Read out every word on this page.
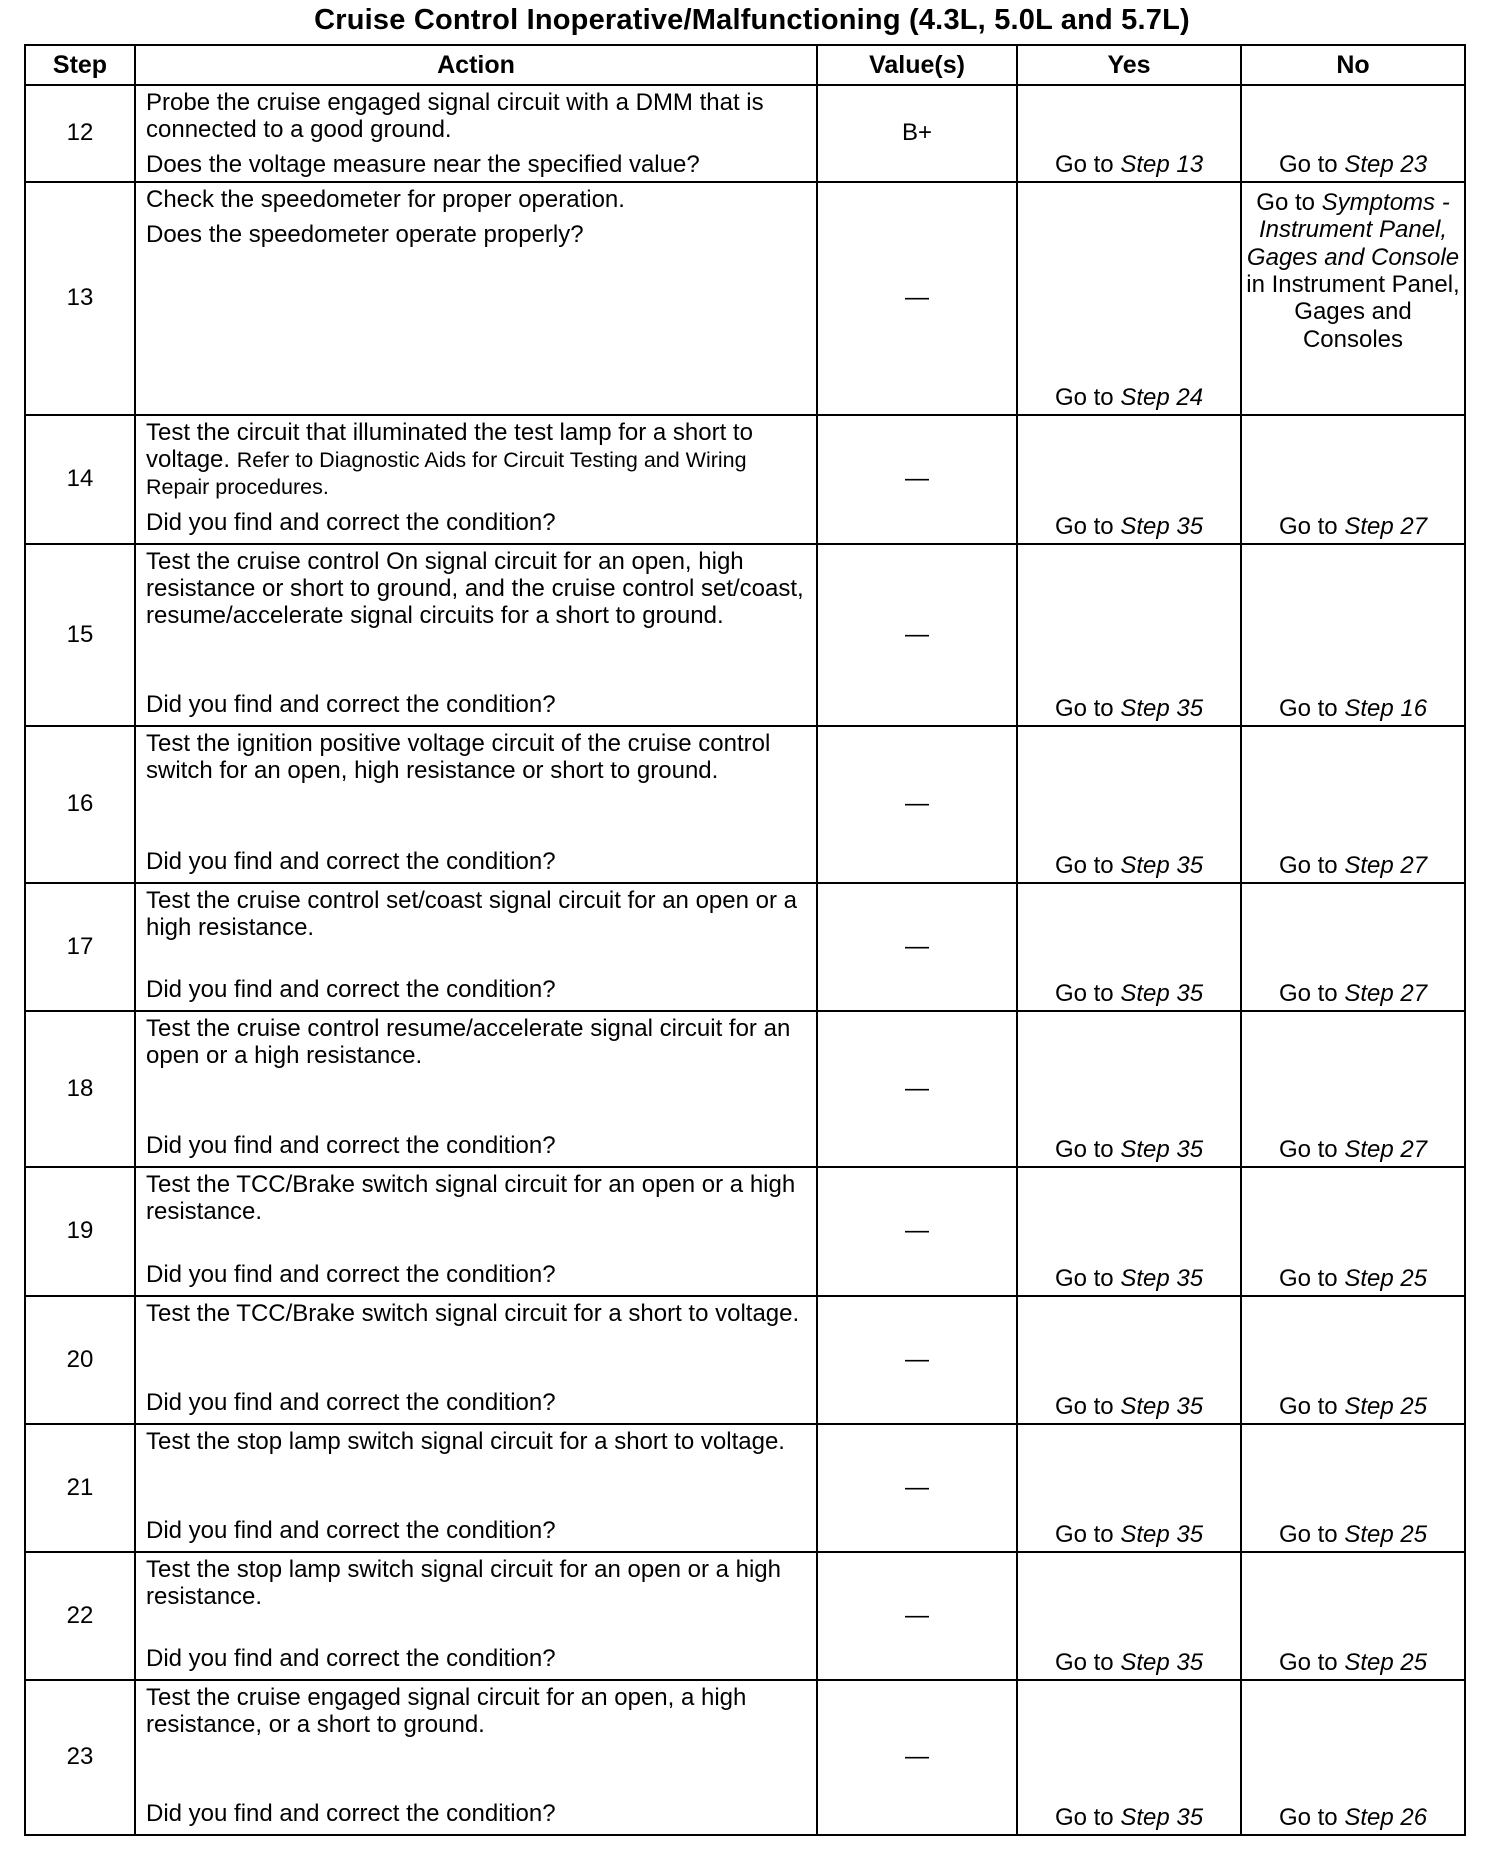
Cruise Control Inoperative/Malfunctioning (4.3L, 5.0L and 5.7L)
Step	Action	Value(s)	Yes	No
12	Probe the cruise engaged signal circuit with a DMM that is connected to a good ground.
Does the voltage measure near the specified value?	B+	Go to Step 13	Go to Step 23
13	Check the speedometer for proper operation.
Does the speedometer operate properly?	—	Go to Step 24	Go to Symptoms - Instrument Panel, Gages and Console in Instrument Panel, Gages and Consoles
14	Test the circuit that illuminated the test lamp for a short to voltage. Refer to Diagnostic Aids for Circuit Testing and Wiring Repair procedures.
Did you find and correct the condition?	—	Go to Step 35	Go to Step 27
15	Test the cruise control On signal circuit for an open, high resistance or short to ground, and the cruise control set/coast, resume/accelerate signal circuits for a short to ground.
Did you find and correct the condition?	—	Go to Step 35	Go to Step 16
16	Test the ignition positive voltage circuit of the cruise control switch for an open, high resistance or short to ground.
Did you find and correct the condition?	—	Go to Step 35	Go to Step 27
17	Test the cruise control set/coast signal circuit for an open or a high resistance.
Did you find and correct the condition?	—	Go to Step 35	Go to Step 27
18	Test the cruise control resume/accelerate signal circuit for an open or a high resistance.
Did you find and correct the condition?	—	Go to Step 35	Go to Step 27
19	Test the TCC/Brake switch signal circuit for an open or a high resistance.
Did you find and correct the condition?	—	Go to Step 35	Go to Step 25
20	Test the TCC/Brake switch signal circuit for a short to voltage.
Did you find and correct the condition?	—	Go to Step 35	Go to Step 25
21	Test the stop lamp switch signal circuit for a short to voltage.
Did you find and correct the condition?	—	Go to Step 35	Go to Step 25
22	Test the stop lamp switch signal circuit for an open or a high resistance.
Did you find and correct the condition?	—	Go to Step 35	Go to Step 25
23	Test the cruise engaged signal circuit for an open, a high resistance, or a short to ground.
Did you find and correct the condition?	—	Go to Step 35	Go to Step 26
